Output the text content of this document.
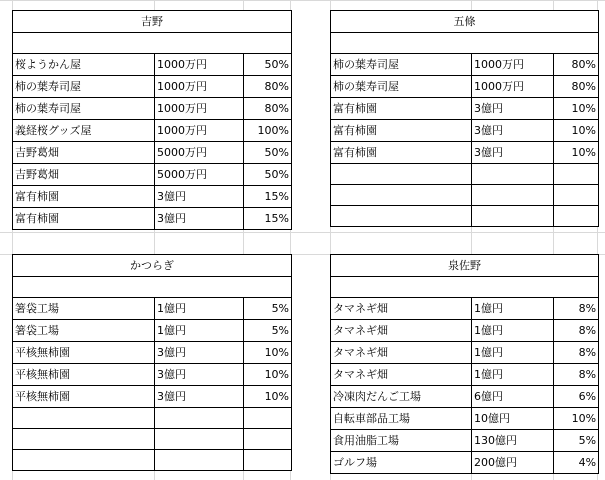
吉野		

桜ようかん屋	1000万円	50%
柿の葉寿司屋	1000万円	80%
柿の葉寿司屋	1000万円	80%
義経桜グッズ屋	1000万円	100%
吉野葛畑	5000万円	50%
吉野葛畑	5000万円	50%
富有柿園	3億円	15%
富有柿園	3億円	15%
五條		

柿の葉寿司屋	1000万円	80%
柿の葉寿司屋	1000万円	80%
富有柿園	3億円	10%
富有柿園	3億円	10%
富有柿園	3億円	10%

かつらぎ		

箸袋工場	1億円	5%
箸袋工場	1億円	5%
平核無柿園	3億円	10%
平核無柿園	3億円	10%
平核無柿園	3億円	10%

泉佐野		

タマネギ畑	1億円	8%
タマネギ畑	1億円	8%
タマネギ畑	1億円	8%
タマネギ畑	1億円	8%
冷凍肉だんご工場	6億円	6%
自転車部品工場	10億円	10%
食用油脂工場	130億円	5%
ゴルフ場	200億円	4%
